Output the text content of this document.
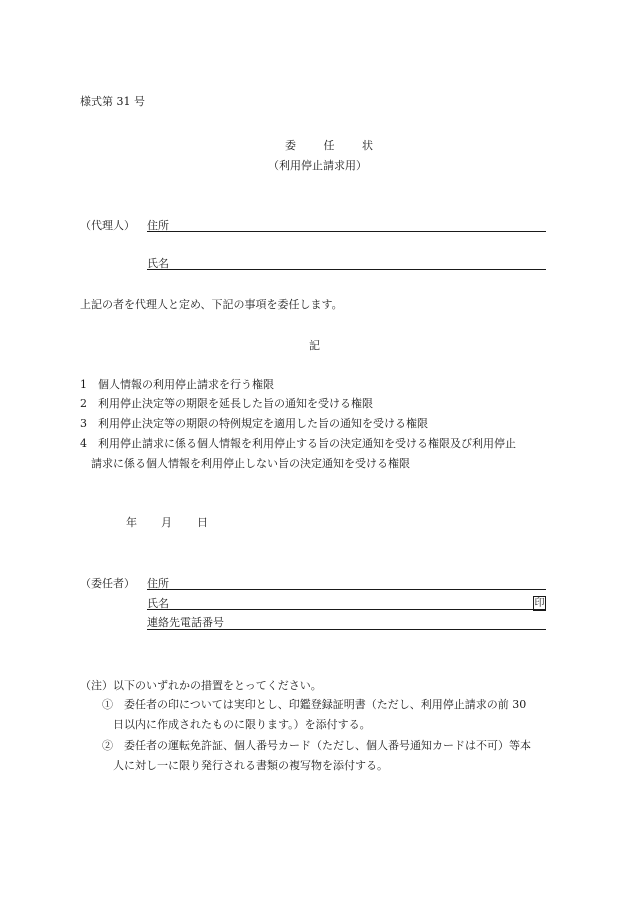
様式第 31 号
委 任 状
（利用停止請求用）
（代理人） 住所
氏名
上記の者を代理人と定め、下記の事項を委任します。
記
1　個人情報の利用停止請求を行う権限
2　利用停止決定等の期限を延長した旨の通知を受ける権限
3　利用停止決定等の期限の特例規定を適用した旨の通知を受ける権限
4　利用停止請求に係る個人情報を利用停止する旨の決定通知を受ける権限及び利用停止
請求に係る個人情報を利用停止しない旨の決定通知を受ける権限
年 月 日
（委任者） 住所
氏名	印
連絡先電話番号
（注） 以下のいずれかの措置をとってください。
①　委任者の印については実印とし、印鑑登録証明書（ただし、利用停止請求の前 30
日以内に作成されたものに限ります。）を添付する。
②　委任者の運転免許証、個人番号カード（ただし、個人番号通知カードは不可）等本
人に対し一に限り発行される書類の複写物を添付する。
